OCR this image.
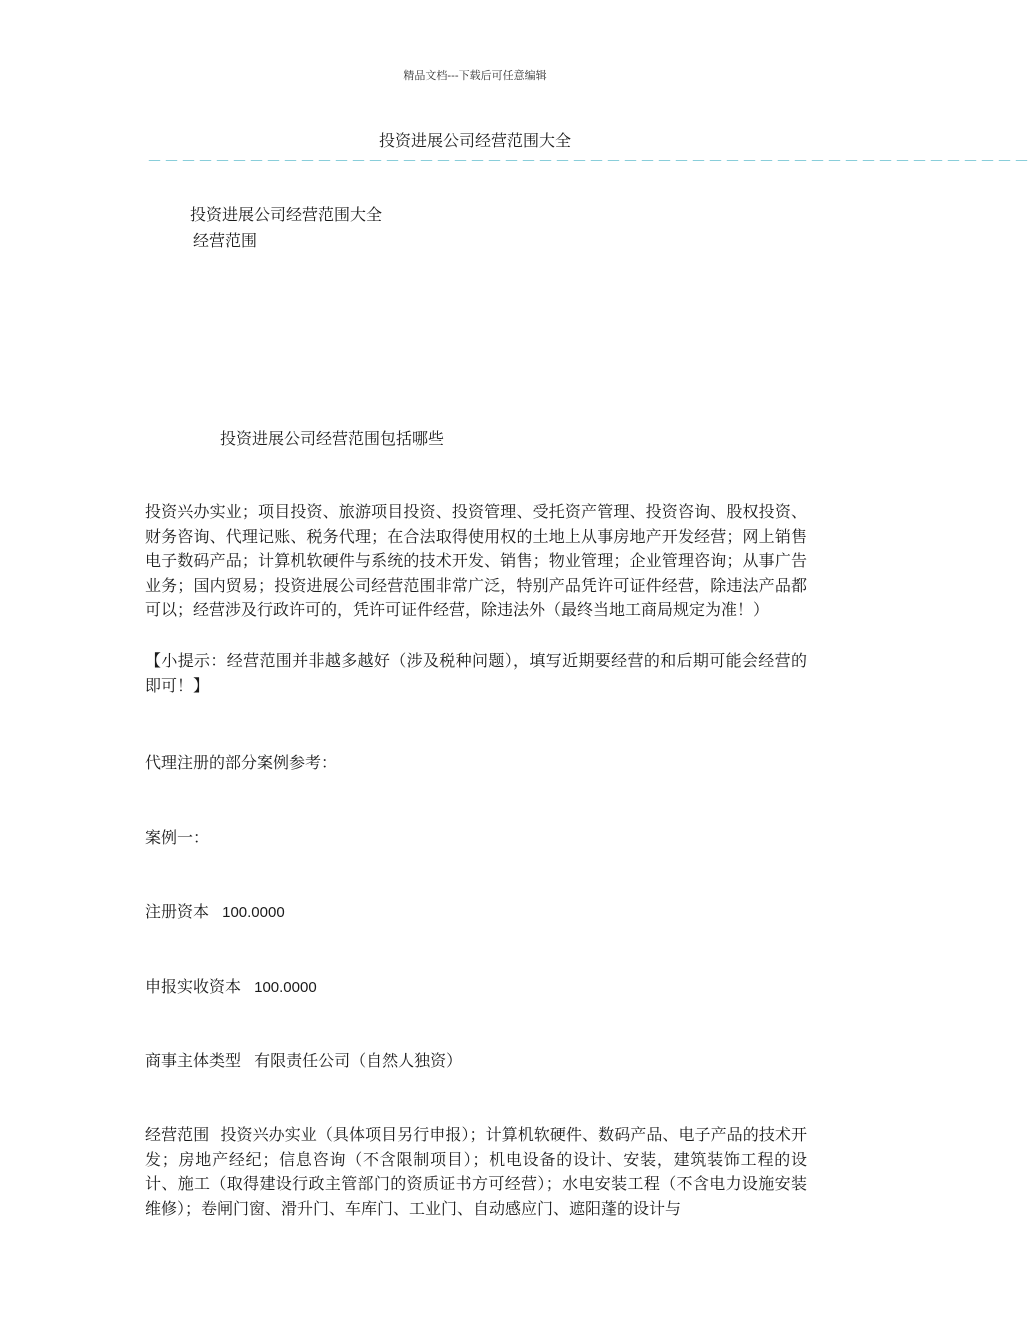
精品文档---下载后可任意编辑
投资进展公司经营范围大全
－－－－－－－－－－－－－－－－－－－－－－－－－－－－－－－－－－－－－－－－－－－－－－－－－－－－
投资进展公司经营范围大全
经营范围
投资进展公司经营范围包括哪些
投资兴办实业；项目投资、旅游项目投资、投资管理、受托资产管理、投资咨询、股权投资、财务咨询、代理记账、税务代理；在合法取得使用权的土地上从事房地产开发经营；网上销售电子数码产品；计算机软硬件与系统的技术开发、销售；物业管理；企业管理咨询；从事广告业务；国内贸易；投资进展公司经营范围非常广泛，特别产品凭许可证件经营，除违法产品都可以；经营涉及行政许可的，凭许可证件经营，除违法外（最终当地工商局规定为准！）
【小提示：经营范围并非越多越好（涉及税种问题），填写近期要经营的和后期可能会经营的即可！】
代理注册的部分案例参考：
案例一：
注册资本 100.0000
申报实收资本 100.0000
商事主体类型 有限责任公司（自然人独资）
经营范围 投资兴办实业（具体项目另行申报）；计算机软硬件、数码产品、电子产品的技术开发；房地产经纪；信息咨询（不含限制项目）；机电设备的设计、安装，建筑装饰工程的设计、施工（取得建设行政主管部门的资质证书方可经营）；水电安装工程（不含电力设施安装维修）；卷闸门窗、滑升门、车库门、工业门、自动感应门、遮阳蓬的设计与
